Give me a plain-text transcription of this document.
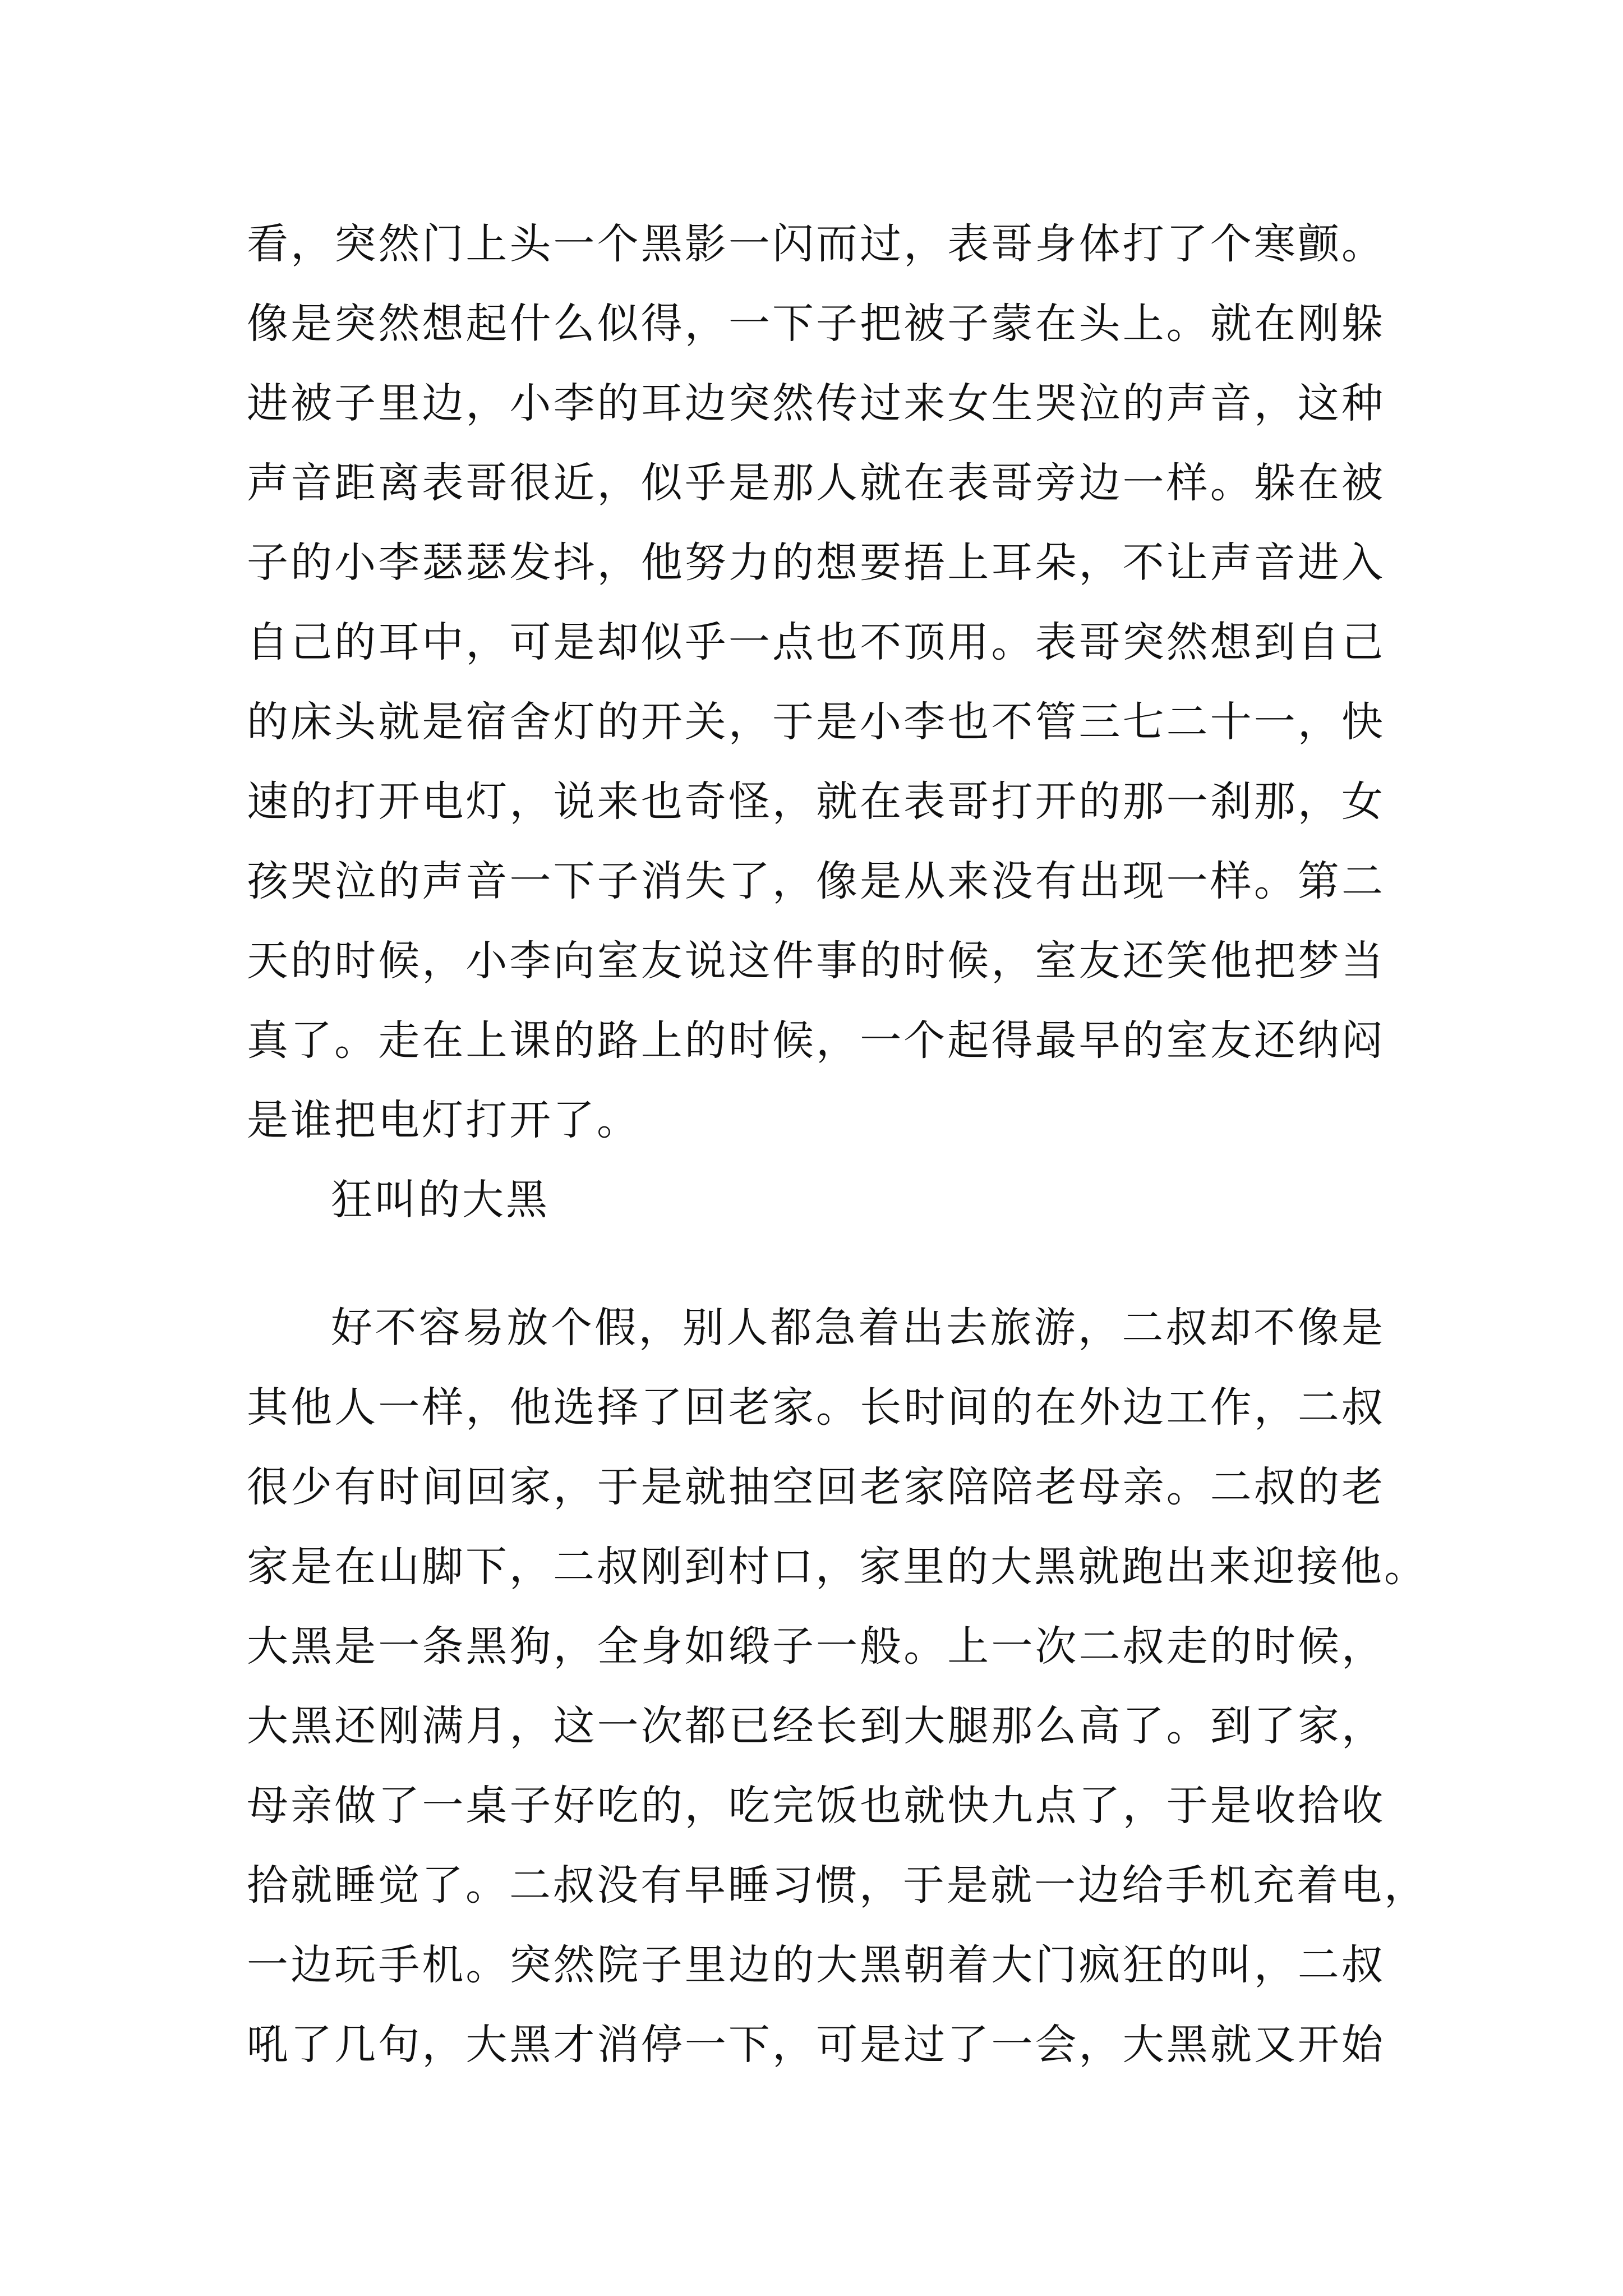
看，突然门上头一个黑影一闪而过，表哥身体打了个寒颤。
像是突然想起什么似得，一下子把被子蒙在头上。就在刚躲
进被子里边，小李的耳边突然传过来女生哭泣的声音，这种
声音距离表哥很近，似乎是那人就在表哥旁边一样。躲在被
子的小李瑟瑟发抖，他努力的想要捂上耳朵，不让声音进入
自己的耳中，可是却似乎一点也不顶用。表哥突然想到自己
的床头就是宿舍灯的开关，于是小李也不管三七二十一，快
速的打开电灯，说来也奇怪，就在表哥打开的那一刹那，女
孩哭泣的声音一下子消失了，像是从来没有出现一样。第二
天的时候，小李向室友说这件事的时候，室友还笑他把梦当
真了。走在上课的路上的时候，一个起得最早的室友还纳闷
是谁把电灯打开了。
狂叫的大黑
好不容易放个假，别人都急着出去旅游，二叔却不像是
其他人一样，他选择了回老家。长时间的在外边工作，二叔
很少有时间回家，于是就抽空回老家陪陪老母亲。二叔的老
家是在山脚下，二叔刚到村口，家里的大黑就跑出来迎接他。
大黑是一条黑狗，全身如缎子一般。上一次二叔走的时候，
大黑还刚满月，这一次都已经长到大腿那么高了。到了家，
母亲做了一桌子好吃的，吃完饭也就快九点了，于是收拾收
拾就睡觉了。二叔没有早睡习惯，于是就一边给手机充着电，
一边玩手机。突然院子里边的大黑朝着大门疯狂的叫，二叔
吼了几句，大黑才消停一下，可是过了一会，大黑就又开始
